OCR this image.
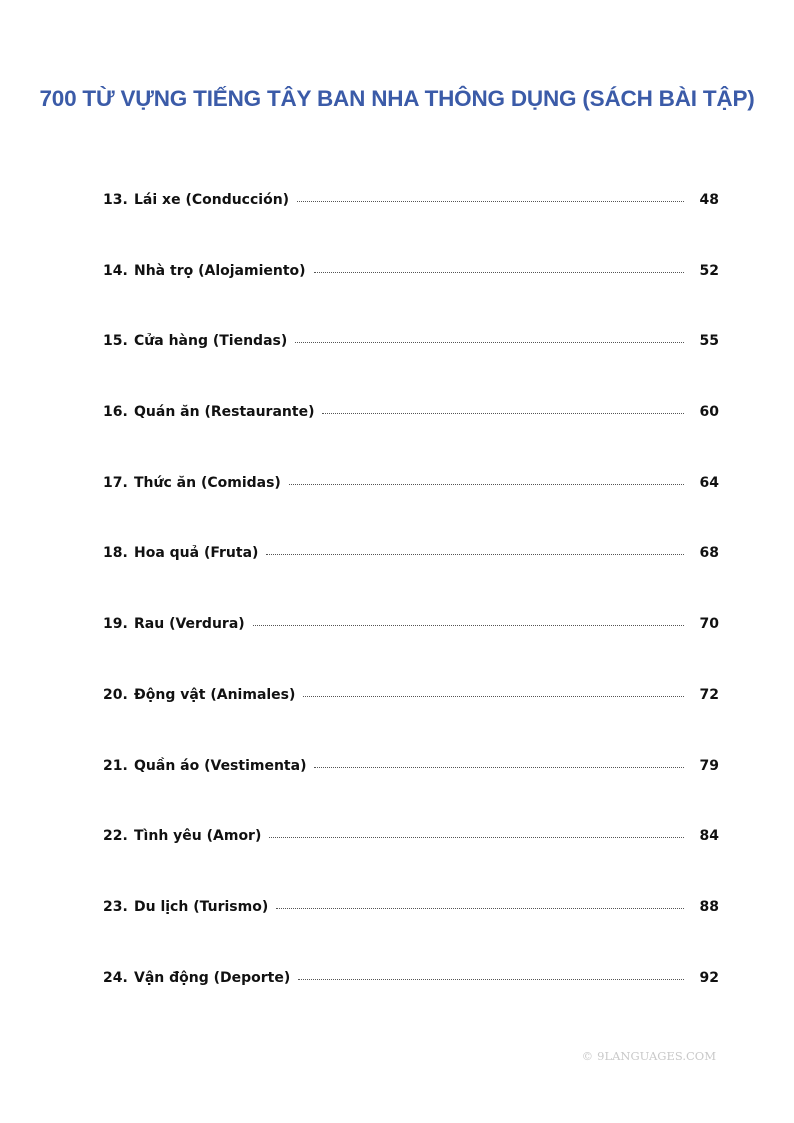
700 TỪ VỰNG TIẾNG TÂY BAN NHA THÔNG DỤNG (SÁCH BÀI TẬP)
13. Lái xe (Conducción)	48
14. Nhà trọ (Alojamiento)	52
15. Cửa hàng (Tiendas)	55
16. Quán ăn (Restaurante)	60
17. Thức ăn (Comidas)	64
18. Hoa quả (Fruta)	68
19. Rau (Verdura)	70
20. Động vật (Animales)	72
21. Quần áo (Vestimenta)	79
22. Tình yêu (Amor)	84
23. Du lịch (Turismo)	88
24. Vận động (Deporte)	92
© 9LANGUAGES.COM
